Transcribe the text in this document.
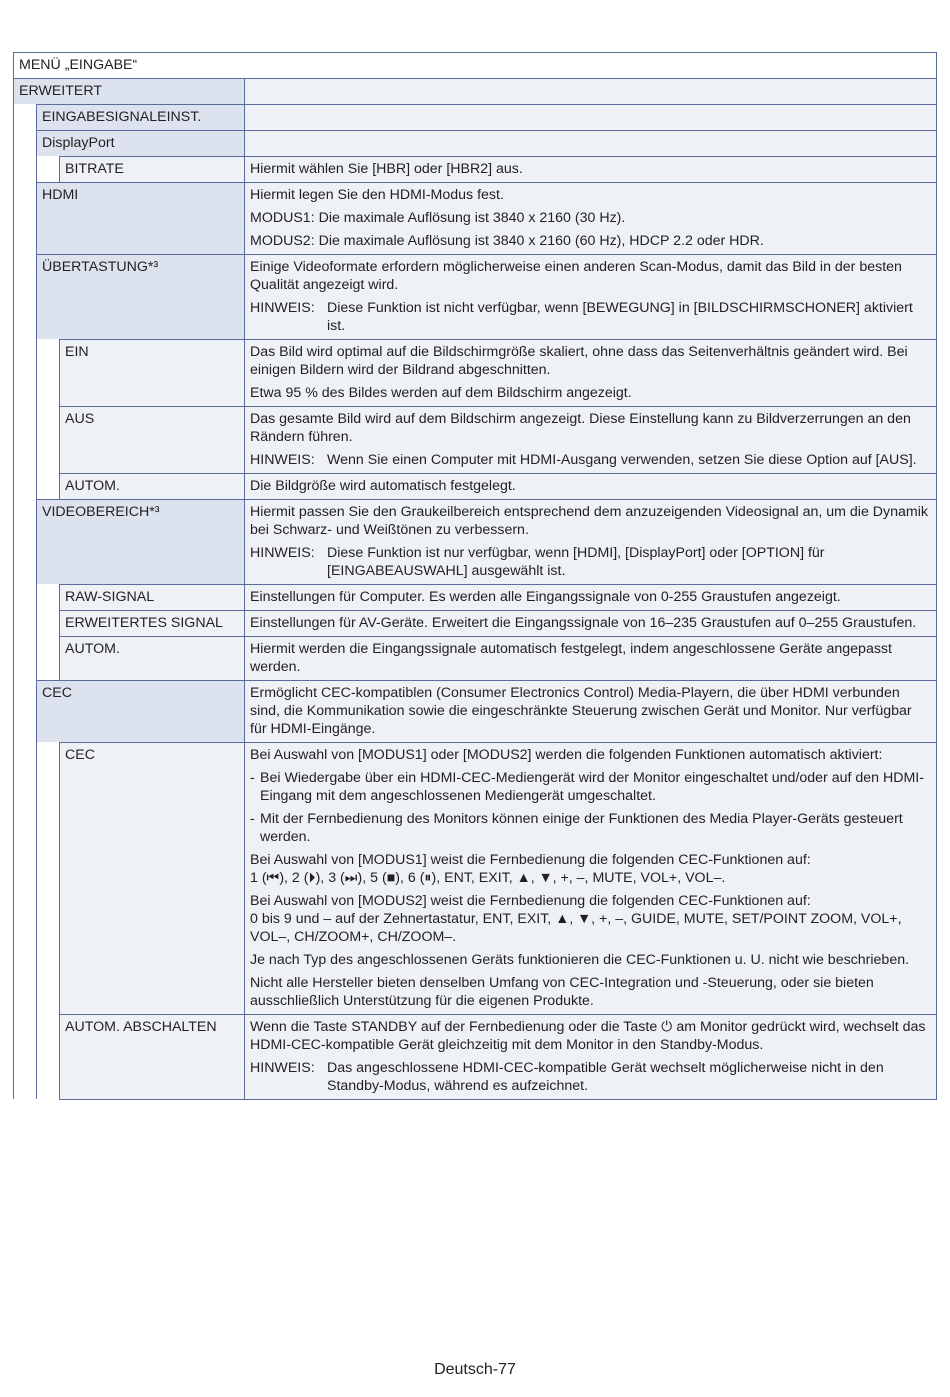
MENÜ „EINGABE“
ERWEITERT

EINGABESIGNALEINST.

DisplayPort

BITRATE	Hiermit wählen Sie [HBR] oder [HBR2] aus.

HDMI	Hiermit legen Sie den HDMI-Modus fest.

MODUS1: Die maximale Auflösung ist 3840 x 2160 (30 Hz).

MODUS2: Die maximale Auflösung ist 3840 x 2160 (60 Hz), HDCP 2.2 oder HDR.

ÜBERTASTUNG*³	Einige Videoformate erfordern möglicherweise einen anderen Scan-Modus, damit das Bild in der besten Qualität angezeigt wird.

HINWEIS: Diese Funktion ist nicht verfügbar, wenn [BEWEGUNG] in [BILDSCHIRMSCHONER] aktiviert ist.
EIN	Das Bild wird optimal auf die Bildschirmgröße skaliert, ohne dass das Seitenverhältnis geändert wird. Bei einigen Bildern wird der Bildrand abgeschnitten.

Etwa 95 % des Bildes werden auf dem Bildschirm angezeigt.

AUS	Das gesamte Bild wird auf dem Bildschirm angezeigt. Diese Einstellung kann zu Bildverzerrungen an den Rändern führen.

HINWEIS: Wenn Sie einen Computer mit HDMI-Ausgang verwenden, setzen Sie diese Option auf [AUS].
AUTOM.	Die Bildgröße wird automatisch festgelegt.

VIDEOBEREICH*³	Hiermit passen Sie den Graukeilbereich entsprechend dem anzuzeigenden Videosignal an, um die Dynamik bei Schwarz- und Weißtönen zu verbessern.

HINWEIS: Diese Funktion ist nur verfügbar, wenn [HDMI], [DisplayPort] oder [OPTION] für [EINGABEAUSWAHL] ausgewählt ist.
RAW-SIGNAL	Einstellungen für Computer. Es werden alle Eingangssignale von 0-255 Graustufen angezeigt.

ERWEITERTES SIGNAL	Einstellungen für AV-Geräte. Erweitert die Eingangssignale von 16–235 Graustufen auf 0–255 Graustufen.

AUTOM.	Hiermit werden die Eingangssignale automatisch festgelegt, indem angeschlossene Geräte angepasst werden.

CEC	Ermöglicht CEC-kompatiblen (Consumer Electronics Control) Media-Playern, die über HDMI verbunden sind, die Kommunikation sowie die eingeschränkte Steuerung zwischen Gerät und Monitor. Nur verfügbar für HDMI-Eingänge.

CEC	Bei Auswahl von [MODUS1] oder [MODUS2] werden die folgenden Funktionen automatisch aktiviert:

- Bei Wiedergabe über ein HDMI-CEC-Mediengerät wird der Monitor eingeschaltet und/oder auf den HDMI-Eingang mit dem angeschlossenen Mediengerät umgeschaltet.
- Mit der Fernbedienung des Monitors können einige der Funktionen des Media Player-Geräts gesteuert werden.
Bei Auswahl von [MODUS1] weist die Fernbedienung die folgenden CEC-Funktionen auf:
1 (⏮), 2 (⏵), 3 (⏭), 5 (■), 6 (⏸), ENT, EXIT, ▲, ▼, +, –, MUTE, VOL+, VOL–.
Bei Auswahl von [MODUS2] weist die Fernbedienung die folgenden CEC-Funktionen auf:
0 bis 9 und – auf der Zehnertastatur, ENT, EXIT, ▲, ▼, +, –, GUIDE, MUTE, SET/POINT ZOOM, VOL+, VOL–, CH/ZOOM+, CH/ZOOM–.

Je nach Typ des angeschlossenen Geräts funktionieren die CEC-Funktionen u. U. nicht wie beschrieben.

Nicht alle Hersteller bieten denselben Umfang von CEC-Integration und -Steuerung, oder sie bieten ausschließlich Unterstützung für die eigenen Produkte.

AUTOM. ABSCHALTEN	Wenn die Taste STANDBY auf der Fernbedienung oder die Taste ⏻ am Monitor gedrückt wird, wechselt das HDMI-CEC-kompatible Gerät gleichzeitig mit dem Monitor in den Standby-Modus.

HINWEIS: Das angeschlossene HDMI-CEC-kompatible Gerät wechselt möglicherweise nicht in den Standby-Modus, während es aufzeichnet.
Deutsch-77
